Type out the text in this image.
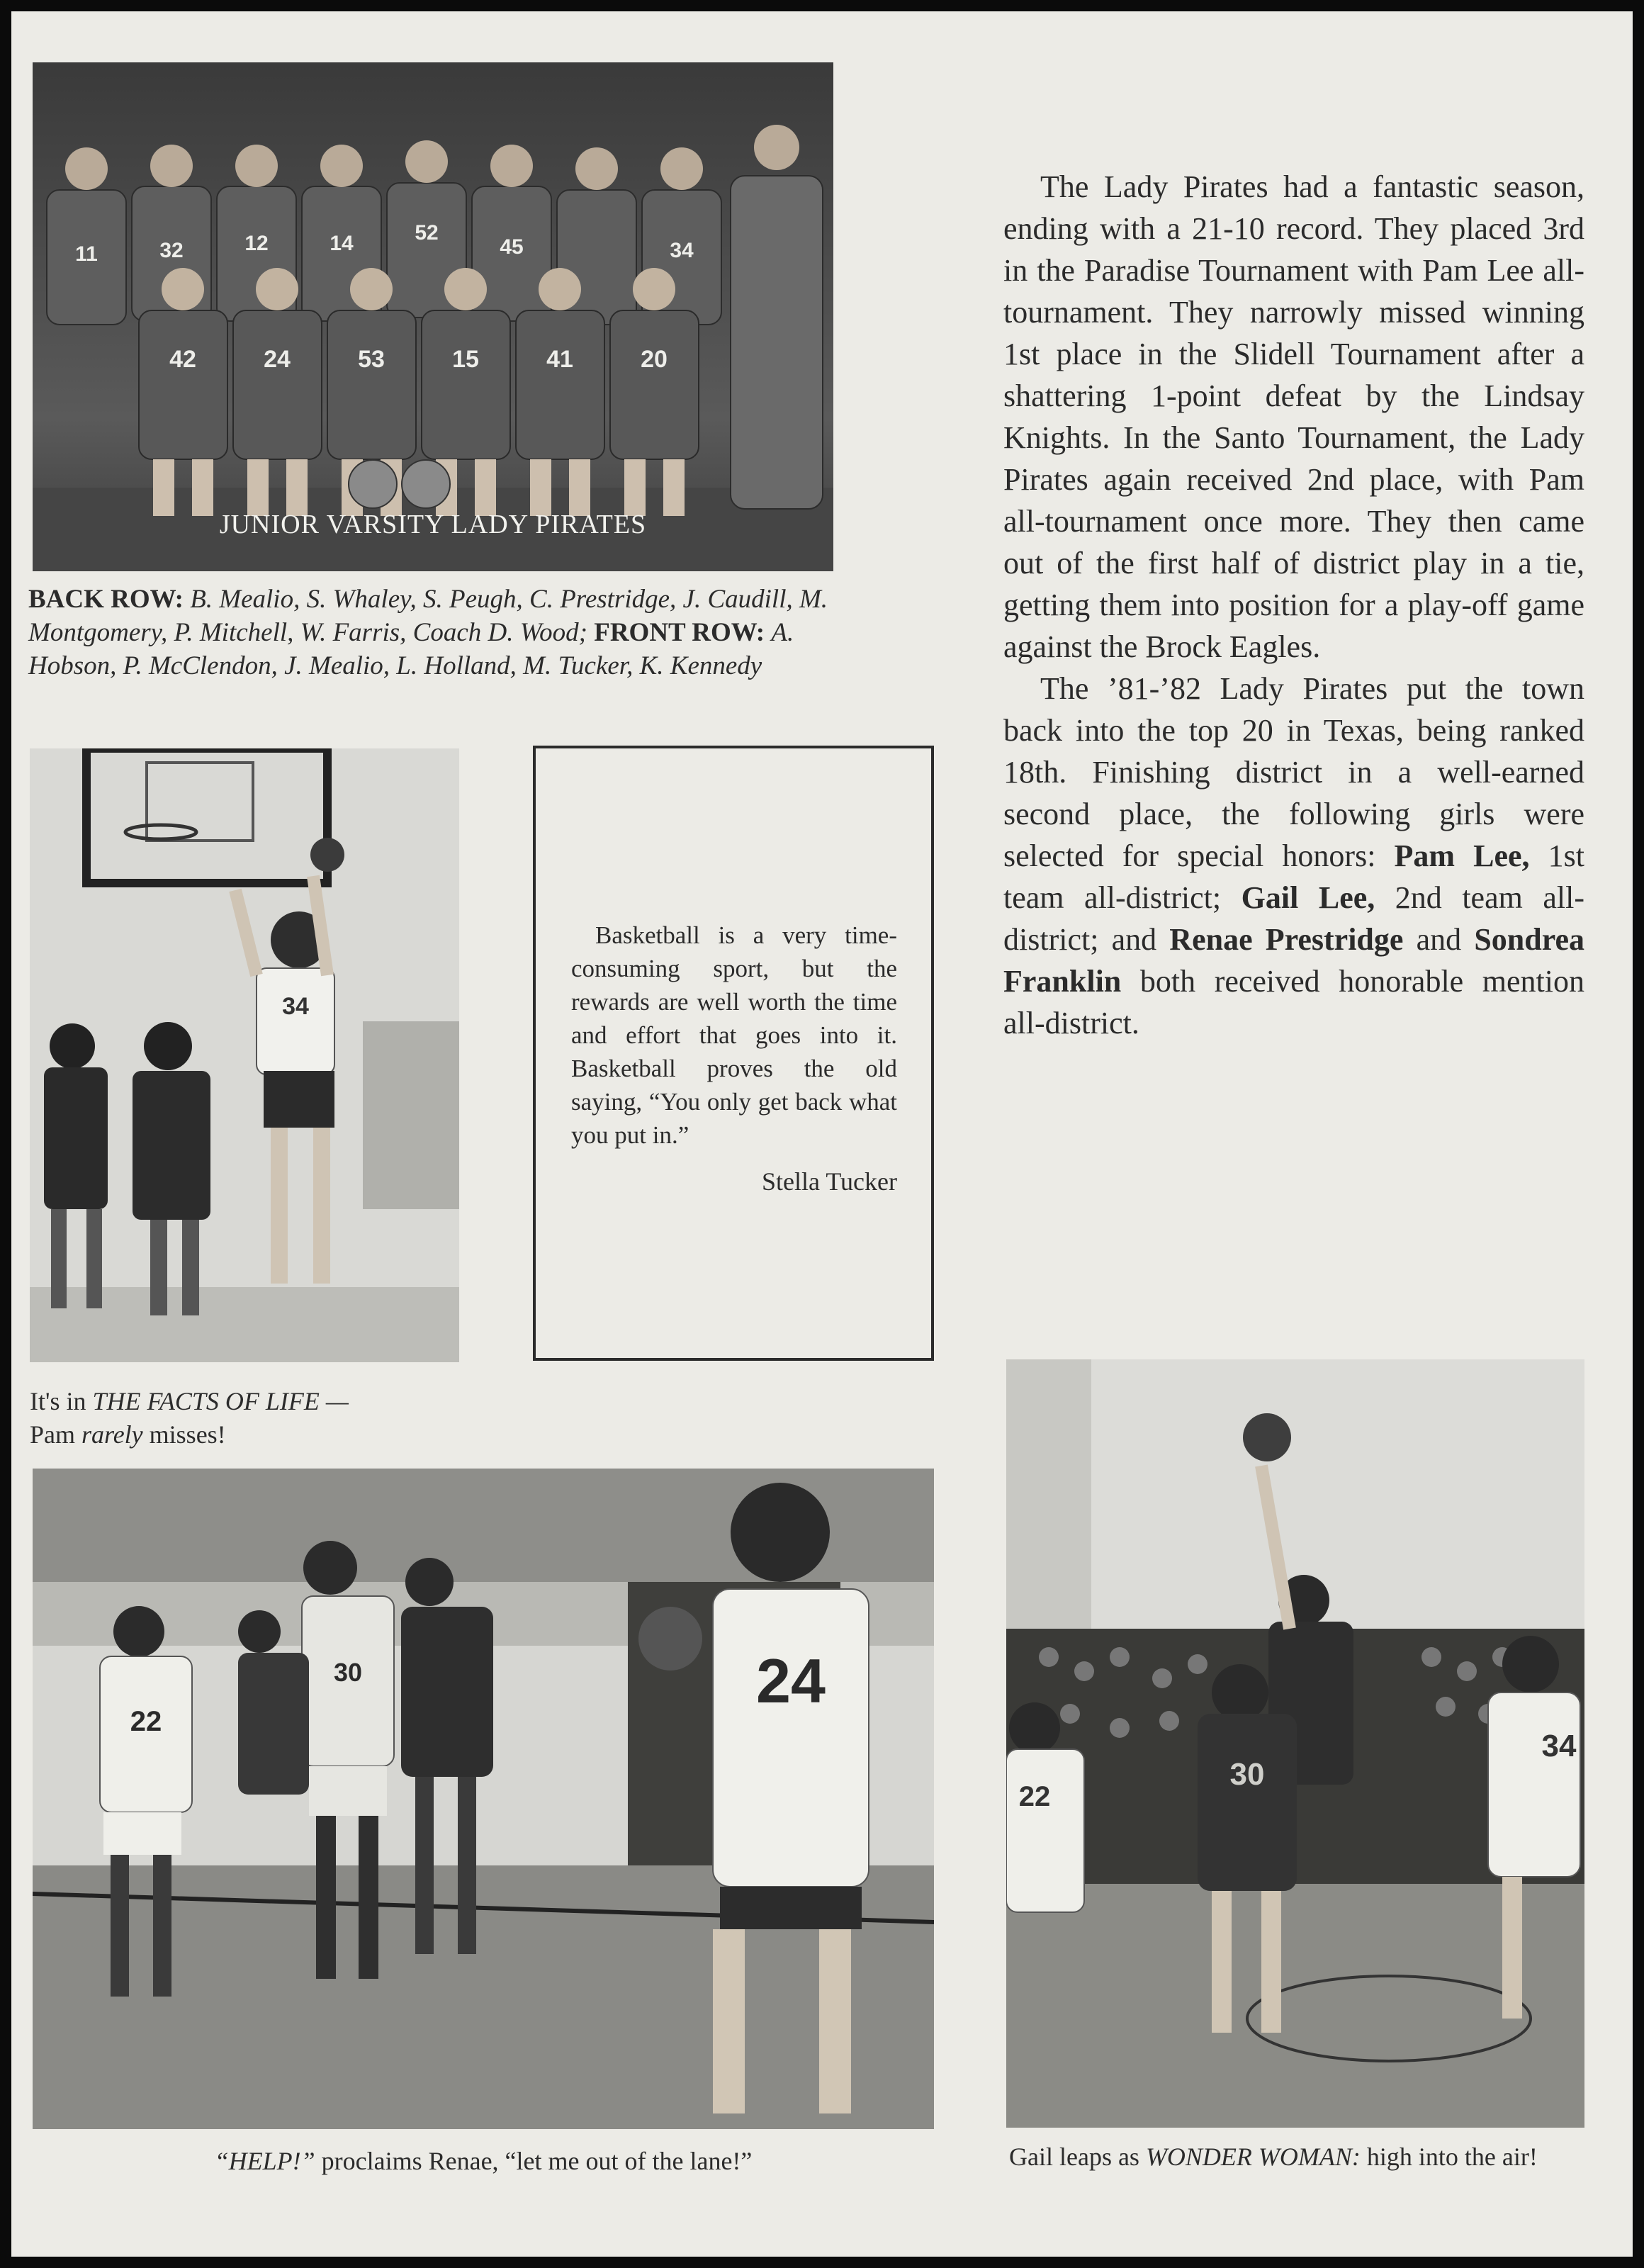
11	32	12	14	52
45	34
42	24	53	15	41	20
JUNIOR VARSITY LADY PIRATES
BACK ROW: B. Mealio, S. Whaley, S. Peugh, C. Prestridge, J. Caudill, M. Montgomery, P. Mitchell, W. Farris, Coach D. Wood; FRONT ROW: A. Hobson, P. McClendon, J. Mealio, L. Holland, M. Tucker, K. Kennedy
34
It's in THE FACTS OF LIFE —
Pam rarely misses!
Basketball is a very time-consuming sport, but the rewards are well worth the time and effort that goes into it. Basketball proves the old saying, “You only get back what you put in.”
Stella Tucker

The Lady Pirates had a fantastic season, ending with a 21-10 record. They placed 3rd in the Paradise Tournament with Pam Lee all-tournament. They narrowly missed winning 1st place in the Slidell Tournament after a shattering 1-point defeat by the Lindsay Knights. In the Santo Tournament, the Lady Pirates again received 2nd place, with Pam all-tournament once more. They then came out of the first half of district play in a tie, getting them into position for a play-off game against the Brock Eagles.

The ’81-’82 Lady Pirates put the town back into the top 20 in Texas, being ranked 18th. Finishing district in a well-earned second place, the following girls were selected for special honors: Pam Lee, 1st team all-district; Gail Lee, 2nd team all-district; and Renae Prestridge and Sondrea Franklin both received honorable mention all-district.

22
30	24
“HELP!” proclaims Renae, “let me out of the lane!”
30
34
22
Gail leaps as WONDER WOMAN: high into the air!
